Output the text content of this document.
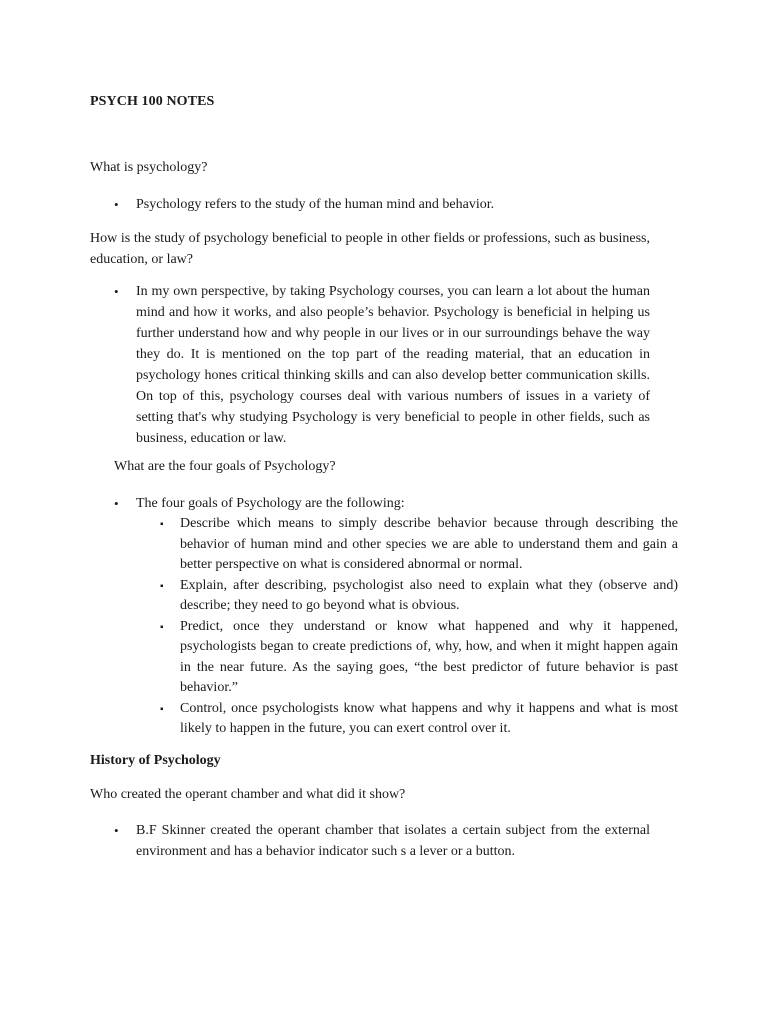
PSYCH 100 NOTES
What is psychology?
•	Psychology refers to the study of the human mind and behavior.
How is the study of psychology beneficial to people in other fields or professions, such as business, education, or law?
•	In my own perspective, by taking Psychology courses, you can learn a lot about the human mind and how it works, and also people’s behavior. Psychology is beneficial in helping us further understand how and why people in our lives or in our surroundings behave the way they do. It is mentioned on the top part of the reading material, that an education in psychology hones critical thinking skills and can also develop better communication skills. On top of this, psychology courses deal with various numbers of issues in a variety of setting that's why studying Psychology is very beneficial to people in other fields, such as business, education or law.
What are the four goals of Psychology?
•	The four goals of Psychology are the following:
▪	Describe which means to simply describe behavior because through describing the behavior of human mind and other species we are able to understand them and gain a better perspective on what is considered abnormal or normal.
▪	Explain, after describing, psychologist also need to explain what they (observe and) describe; they need to go beyond what is obvious.
▪	Predict, once they understand or know what happened and why it happened, psychologists began to create predictions of, why, how, and when it might happen again in the near future. As the saying goes, “the best predictor of future behavior is past behavior.”
▪	Control, once psychologists know what happens and why it happens and what is most likely to happen in the future, you can exert control over it.
History of Psychology
Who created the operant chamber and what did it show?
•	B.F Skinner created the operant chamber that isolates a certain subject from the external environment and has a behavior indicator such s a lever or a button.
